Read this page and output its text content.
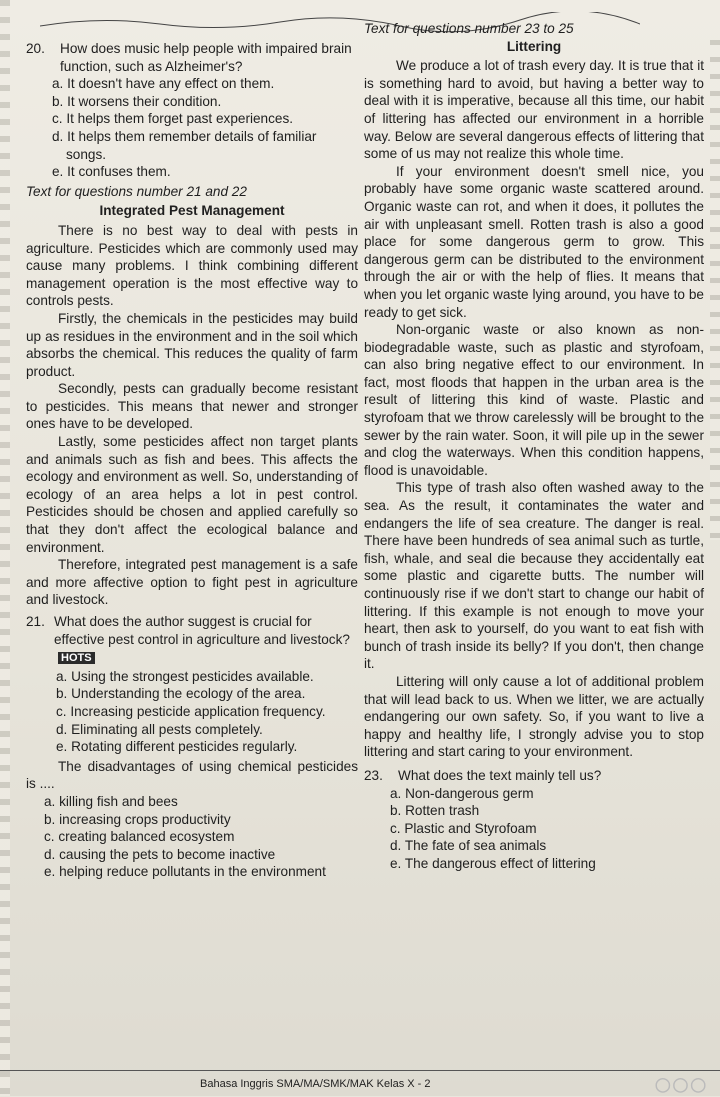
20.	How does music help people with impaired brain function, such as Alzheimer's?
a. It doesn't have any effect on them.
b. It worsens their condition.
c. It helps them forget past experiences.
d. It helps them remember details of familiar songs.
e. It confuses them.
Text for questions number 21 and 22
Integrated Pest Management

There is no best way to deal with pests in agriculture. Pesticides which are commonly used may cause many problems. I think combining different management operation is the most effective way to controls pests.

Firstly, the chemicals in the pesticides may build up as residues in the environment and in the soil which absorbs the chemical. This reduces the quality of farm product.

Secondly, pests can gradually become resistant to pesticides. This means that newer and stronger ones have to be developed.

Lastly, some pesticides affect non target plants and animals such as fish and bees. This affects the ecology and environment as well. So, understanding of ecology of an area helps a lot in pest control. Pesticides should be chosen and applied carefully so that they don't affect the ecological balance and environment.

Therefore, integrated pest management is a safe and more affective option to fight pest in agriculture and livestock.

21. What does the author suggest is crucial for effective pest control in agriculture and livestock?HOTS
a. Using the strongest pesticides available.
b. Understanding the ecology of the area.
c. Increasing pesticide application frequency.
d. Eliminating all pests completely.
e. Rotating different pesticides regularly.

The disadvantages of using chemical pesticides is ....

a. killing fish and bees
b. increasing crops productivity
c. creating balanced ecosystem
d. causing the pets to become inactive
e. helping reduce pollutants in the environment
Text for questions number 23 to 25
Littering

We produce a lot of trash every day. It is true that it is something hard to avoid, but having a better way to deal with it is imperative, because all this time, our habit of littering has affected our environment in a horrible way. Below are several dangerous effects of littering that some of us may not realize this whole time.

If your environment doesn't smell nice, you probably have some organic waste scattered around. Organic waste can rot, and when it does, it pollutes the air with unpleasant smell. Rotten trash is also a good place for some dangerous germ to grow. This dangerous germ can be distributed to the environment through the air or with the help of flies. It means that when you let organic waste lying around, you have to be ready to get sick.

Non-organic waste or also known as non-biodegradable waste, such as plastic and styrofoam, can also bring negative effect to our environment. In fact, most floods that happen in the urban area is the result of littering this kind of waste. Plastic and styrofoam that we throw carelessly will be brought to the sewer by the rain water. Soon, it will pile up in the sewer and clog the waterways. When this condition happens, flood is unavoidable.

This type of trash also often washed away to the sea. As the result, it contaminates the water and endangers the life of sea creature. The danger is real. There have been hundreds of sea animal such as turtle, fish, whale, and seal die because they accidentally eat some plastic and cigarette butts. The number will continuously rise if we don't start to change our habit of littering. If this example is not enough to move your heart, then ask to yourself, do you want to eat fish with bunch of trash inside its belly? If you don't, then change it.

Littering will only cause a lot of additional problem that will lead back to us. When we litter, we are actually endangering our own safety. So, if you want to live a happy and healthy life, I strongly advise you to stop littering and start caring to your environment.

23.	What does the text mainly tell us?
a. Non-dangerous germ
b. Rotten trash
c. Plastic and Styrofoam
d. The fate of sea animals
e. The dangerous effect of littering
Bahasa Inggris SMA/MA/SMK/MAK Kelas X - 2	◯◯◯
